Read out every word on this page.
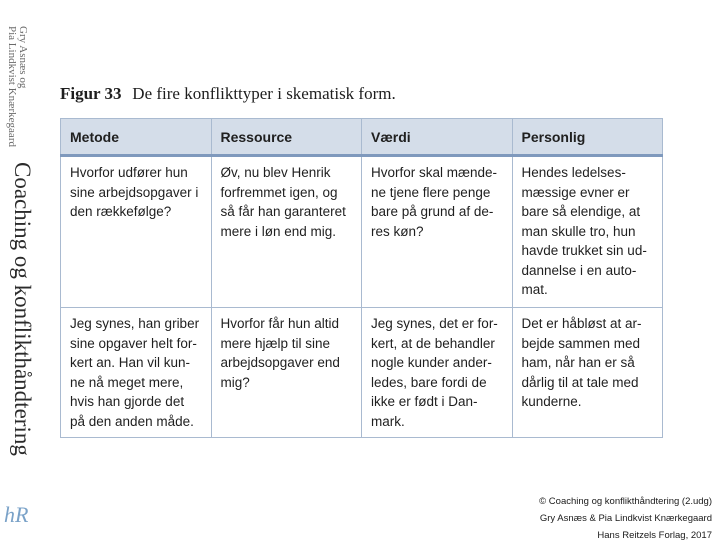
Gry Asnæs og
Pia Lindkvist Knærkegaard
Coaching og konflikthåndtering
hR
Figur 33 De fire konflikttyper i skematisk form.
Metode	Ressource	Værdi	Personlig
Hvorfor udfører hun sine arbejdsopgaver i den rækkefølge?	Øv, nu blev Henrik forfremmet igen, og så får han garanteret mere i løn end mig.	Hvorfor skal mænde-ne tjene flere penge bare på grund af de-res køn?	Hendes ledelses-mæssige evner er bare så elendige, at man skulle tro, hun havde trukket sin ud-dannelse i en auto-mat.
Jeg synes, han griber sine opgaver helt for-kert an. Han vil kun-ne nå meget mere, hvis han gjorde det på den anden måde.	Hvorfor får hun altid mere hjælp til sine arbejdsopgaver end mig?	Jeg synes, det er for-kert, at de behandler nogle kunder ander-ledes, bare fordi de ikke er født i Dan-mark.	Det er håbløst at ar-bejde sammen med ham, når han er så dårlig til at tale med kunderne.
© Coaching og konflikthåndtering (2.udg)
Gry Asnæs & Pia Lindkvist Knærkegaard
Hans Reitzels Forlag, 2017
